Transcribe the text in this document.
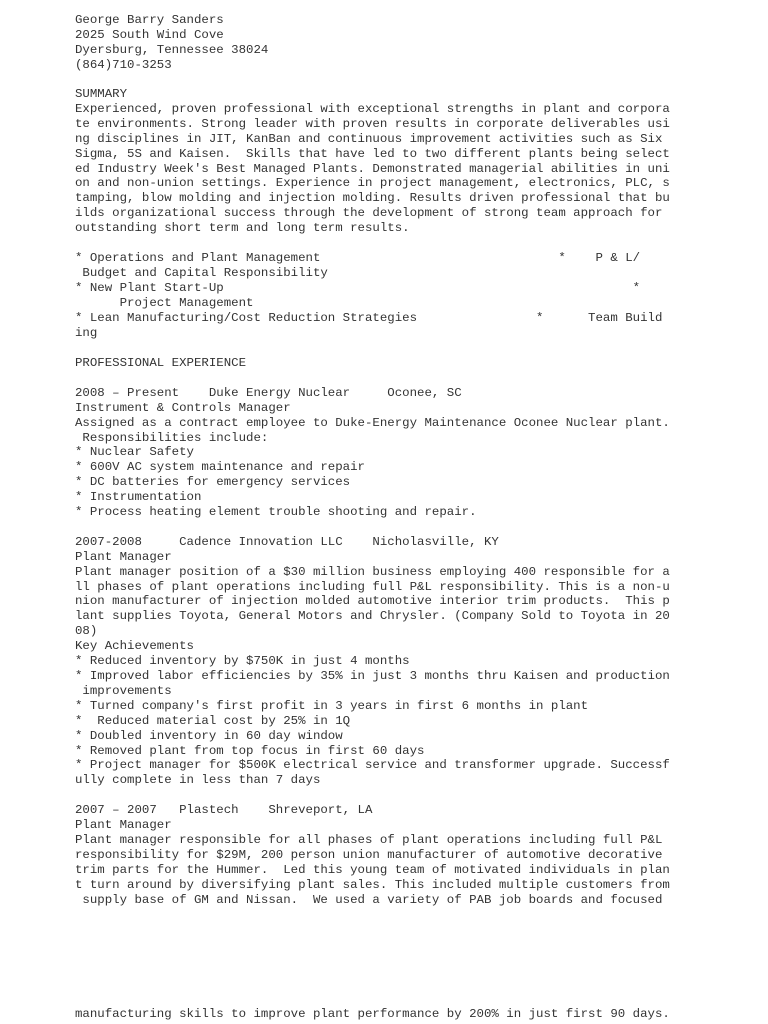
George Barry Sanders
2025 South Wind Cove
Dyersburg, Tennessee 38024
(864)710-3253
SUMMARY
Experienced, proven professional with exceptional strengths in plant and corpora
te environments. Strong leader with proven results in corporate deliverables usi
ng disciplines in JIT, KanBan and continuous improvement activities such as Six
Sigma, 5S and Kaisen.  Skills that have led to two different plants being select
ed Industry Week's Best Managed Plants. Demonstrated managerial abilities in uni
on and non-union settings. Experience in project management, electronics, PLC, s
tamping, blow molding and injection molding. Results driven professional that bu
ilds organizational success through the development of strong team approach for
outstanding short term and long term results.
* Operations and Plant Management                                *    P & L/
Budget and Capital Responsibility
* New Plant Start-Up                                                       *
Project Management
* Lean Manufacturing/Cost Reduction Strategies                *      Team Build
ing
PROFESSIONAL EXPERIENCE
2008 – Present    Duke Energy Nuclear     Oconee, SC
Instrument & Controls Manager
Assigned as a contract employee to Duke-Energy Maintenance Oconee Nuclear plant.
Responsibilities include:
* Nuclear Safety
* 600V AC system maintenance and repair
* DC batteries for emergency services
* Instrumentation
* Process heating element trouble shooting and repair.
2007-2008     Cadence Innovation LLC    Nicholasville, KY
Plant Manager
Plant manager position of a $30 million business employing 400 responsible for a
ll phases of plant operations including full P&L responsibility. This is a non-u
nion manufacturer of injection molded automotive interior trim products.  This p
lant supplies Toyota, General Motors and Chrysler. (Company Sold to Toyota in 20
08)
Key Achievements
* Reduced inventory by $750K in just 4 months
* Improved labor efficiencies by 35% in just 3 months thru Kaisen and production
improvements
* Turned company's first profit in 3 years in first 6 months in plant
*  Reduced material cost by 25% in 1Q
* Doubled inventory in 60 day window
* Removed plant from top focus in first 60 days
* Project manager for $500K electrical service and transformer upgrade. Successf
ully complete in less than 7 days
2007 – 2007   Plastech    Shreveport, LA
Plant Manager
Plant manager responsible for all phases of plant operations including full P&L
responsibility for $29M, 200 person union manufacturer of automotive decorative
trim parts for the Hummer.  Led this young team of motivated individuals in plan
t turn around by diversifying plant sales. This included multiple customers from
supply base of GM and Nissan.  We used a variety of PAB job boards and focused
manufacturing skills to improve plant performance by 200% in just first 90 days.
